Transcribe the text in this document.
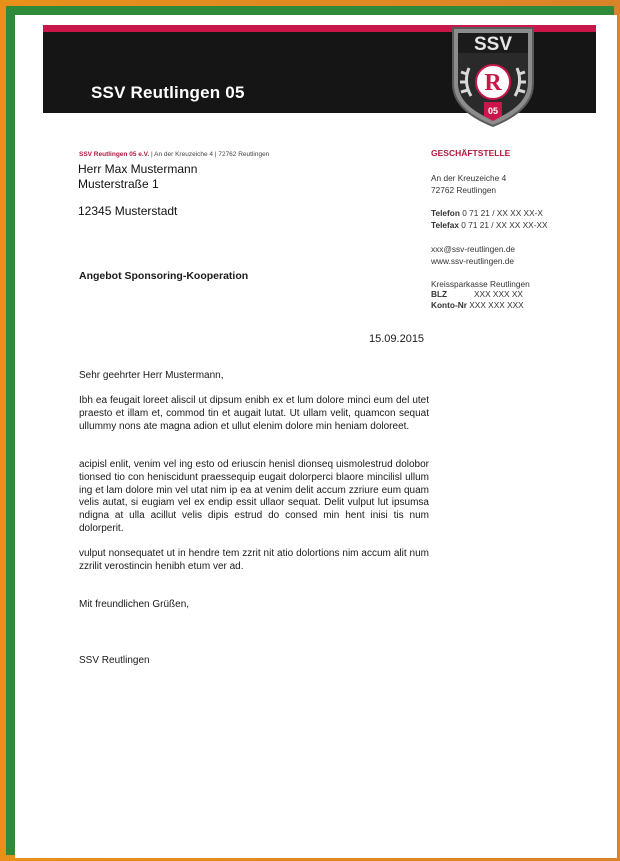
SSV Reutlingen 05
SSV
R
05
SSV Reutlingen 05 e.V. | An der Kreuzeiche 4 | 72762 Reutlingen
Herr Max Mustermann
Musterstraße 1
12345 Musterstadt
Angebot Sponsoring-Kooperation
15.09.2015

Sehr geehrter Herr Mustermann,

Ibh ea feugait loreet aliscil ut dipsum enibh ex et lum dolore minci eum del utet praesto et illam et, commod tin et augait lutat. Ut ullam velit, quamcon sequat ullummy nons ate magna adion et ullut elenim dolore min heniam doloreet.

acipisl enlit, venim vel ing esto od eriuscin henisl dionseq uismolestrud dolobor tionsed tio con heniscidunt praessequip eugait dolorperci blaore mincilisl ullum ing et lam dolore min vel utat nim ip ea at venim delit accum zzriure eum quam velis autat, si eugiam vel ex endip essit ullaor sequat. Delit vulput lut ipsumsa ndigna at ulla acillut velis dipis estrud do consed min hent inisi tis num dolorperit.

vulput nonsequatet ut in hendre tem zzrit nit atio dolortions nim accum alit num zzrilit verostincin henibh etum ver ad.

Mit freundlichen Grüßen,

SSV Reutlingen

GESCHÄFTSTELLE
An der Kreuzeiche 4
72762 Reutlingen
Telefon 0 71 21 / XX XX XX-X
Telefax 0 71 21 / XX XX XX-XX
xxx@ssv-reutlingen.de
www.ssv-reutlingen.de
Kreissparkasse Reutlingen
BLZ	XXX XXX XX
Konto-Nr XXX XXX XXX
